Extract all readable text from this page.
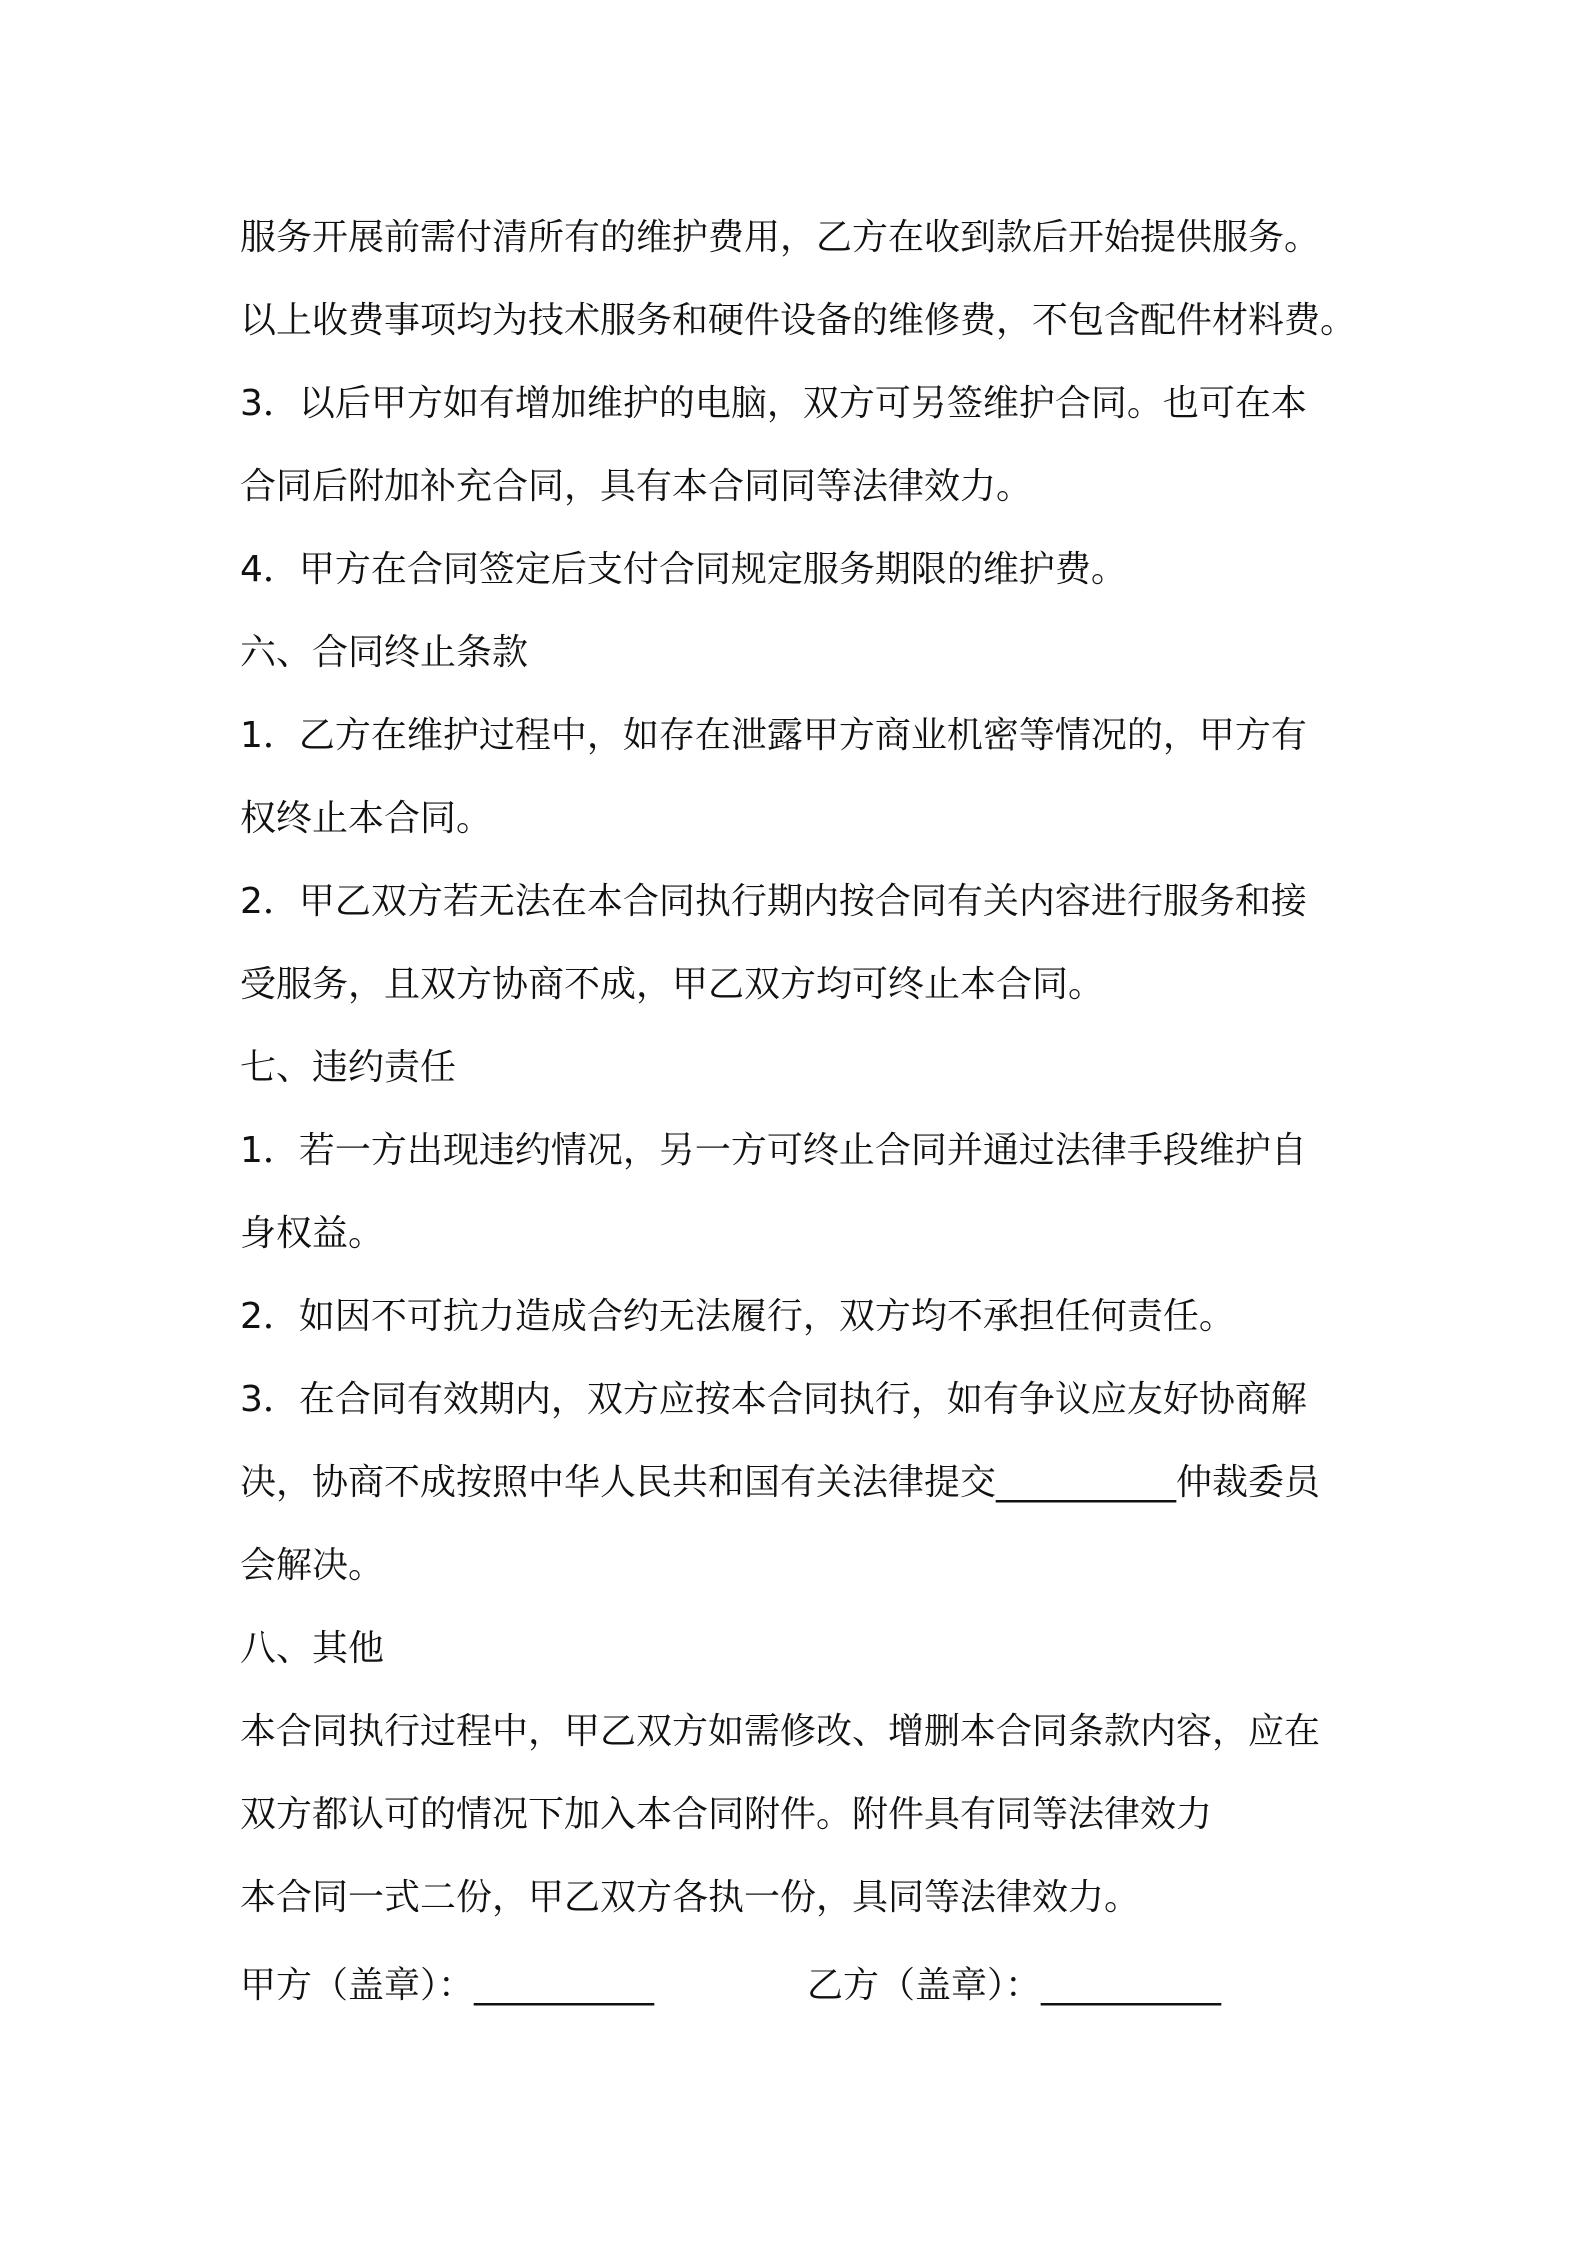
服务开展前需付清所有的维护费用，乙方在收到款后开始提供服务。
以上收费事项均为技术服务和硬件设备的维修费，不包含配件材料费。
3．以后甲方如有增加维护的电脑，双方可另签维护合同。也可在本
合同后附加补充合同，具有本合同同等法律效力。
4．甲方在合同签定后支付合同规定服务期限的维护费。
六、合同终止条款
1．乙方在维护过程中，如存在泄露甲方商业机密等情况的，甲方有
权终止本合同。
2．甲乙双方若无法在本合同执行期内按合同有关内容进行服务和接
受服务，且双方协商不成，甲乙双方均可终止本合同。
七、违约责任
1．若一方出现违约情况，另一方可终止合同并通过法律手段维护自
身权益。
2．如因不可抗力造成合约无法履行，双方均不承担任何责任。
3．在合同有效期内，双方应按本合同执行，如有争议应友好协商解
决，协商不成按照中华人民共和国有关法律提交__________仲裁委员
会解决。
八、其他
本合同执行过程中，甲乙双方如需修改、增删本合同条款内容，应在
双方都认可的情况下加入本合同附件。附件具有同等法律效力
本合同一式二份，甲乙双方各执一份，具同等法律效力。
甲方（盖章）：__________	乙方（盖章）：__________
